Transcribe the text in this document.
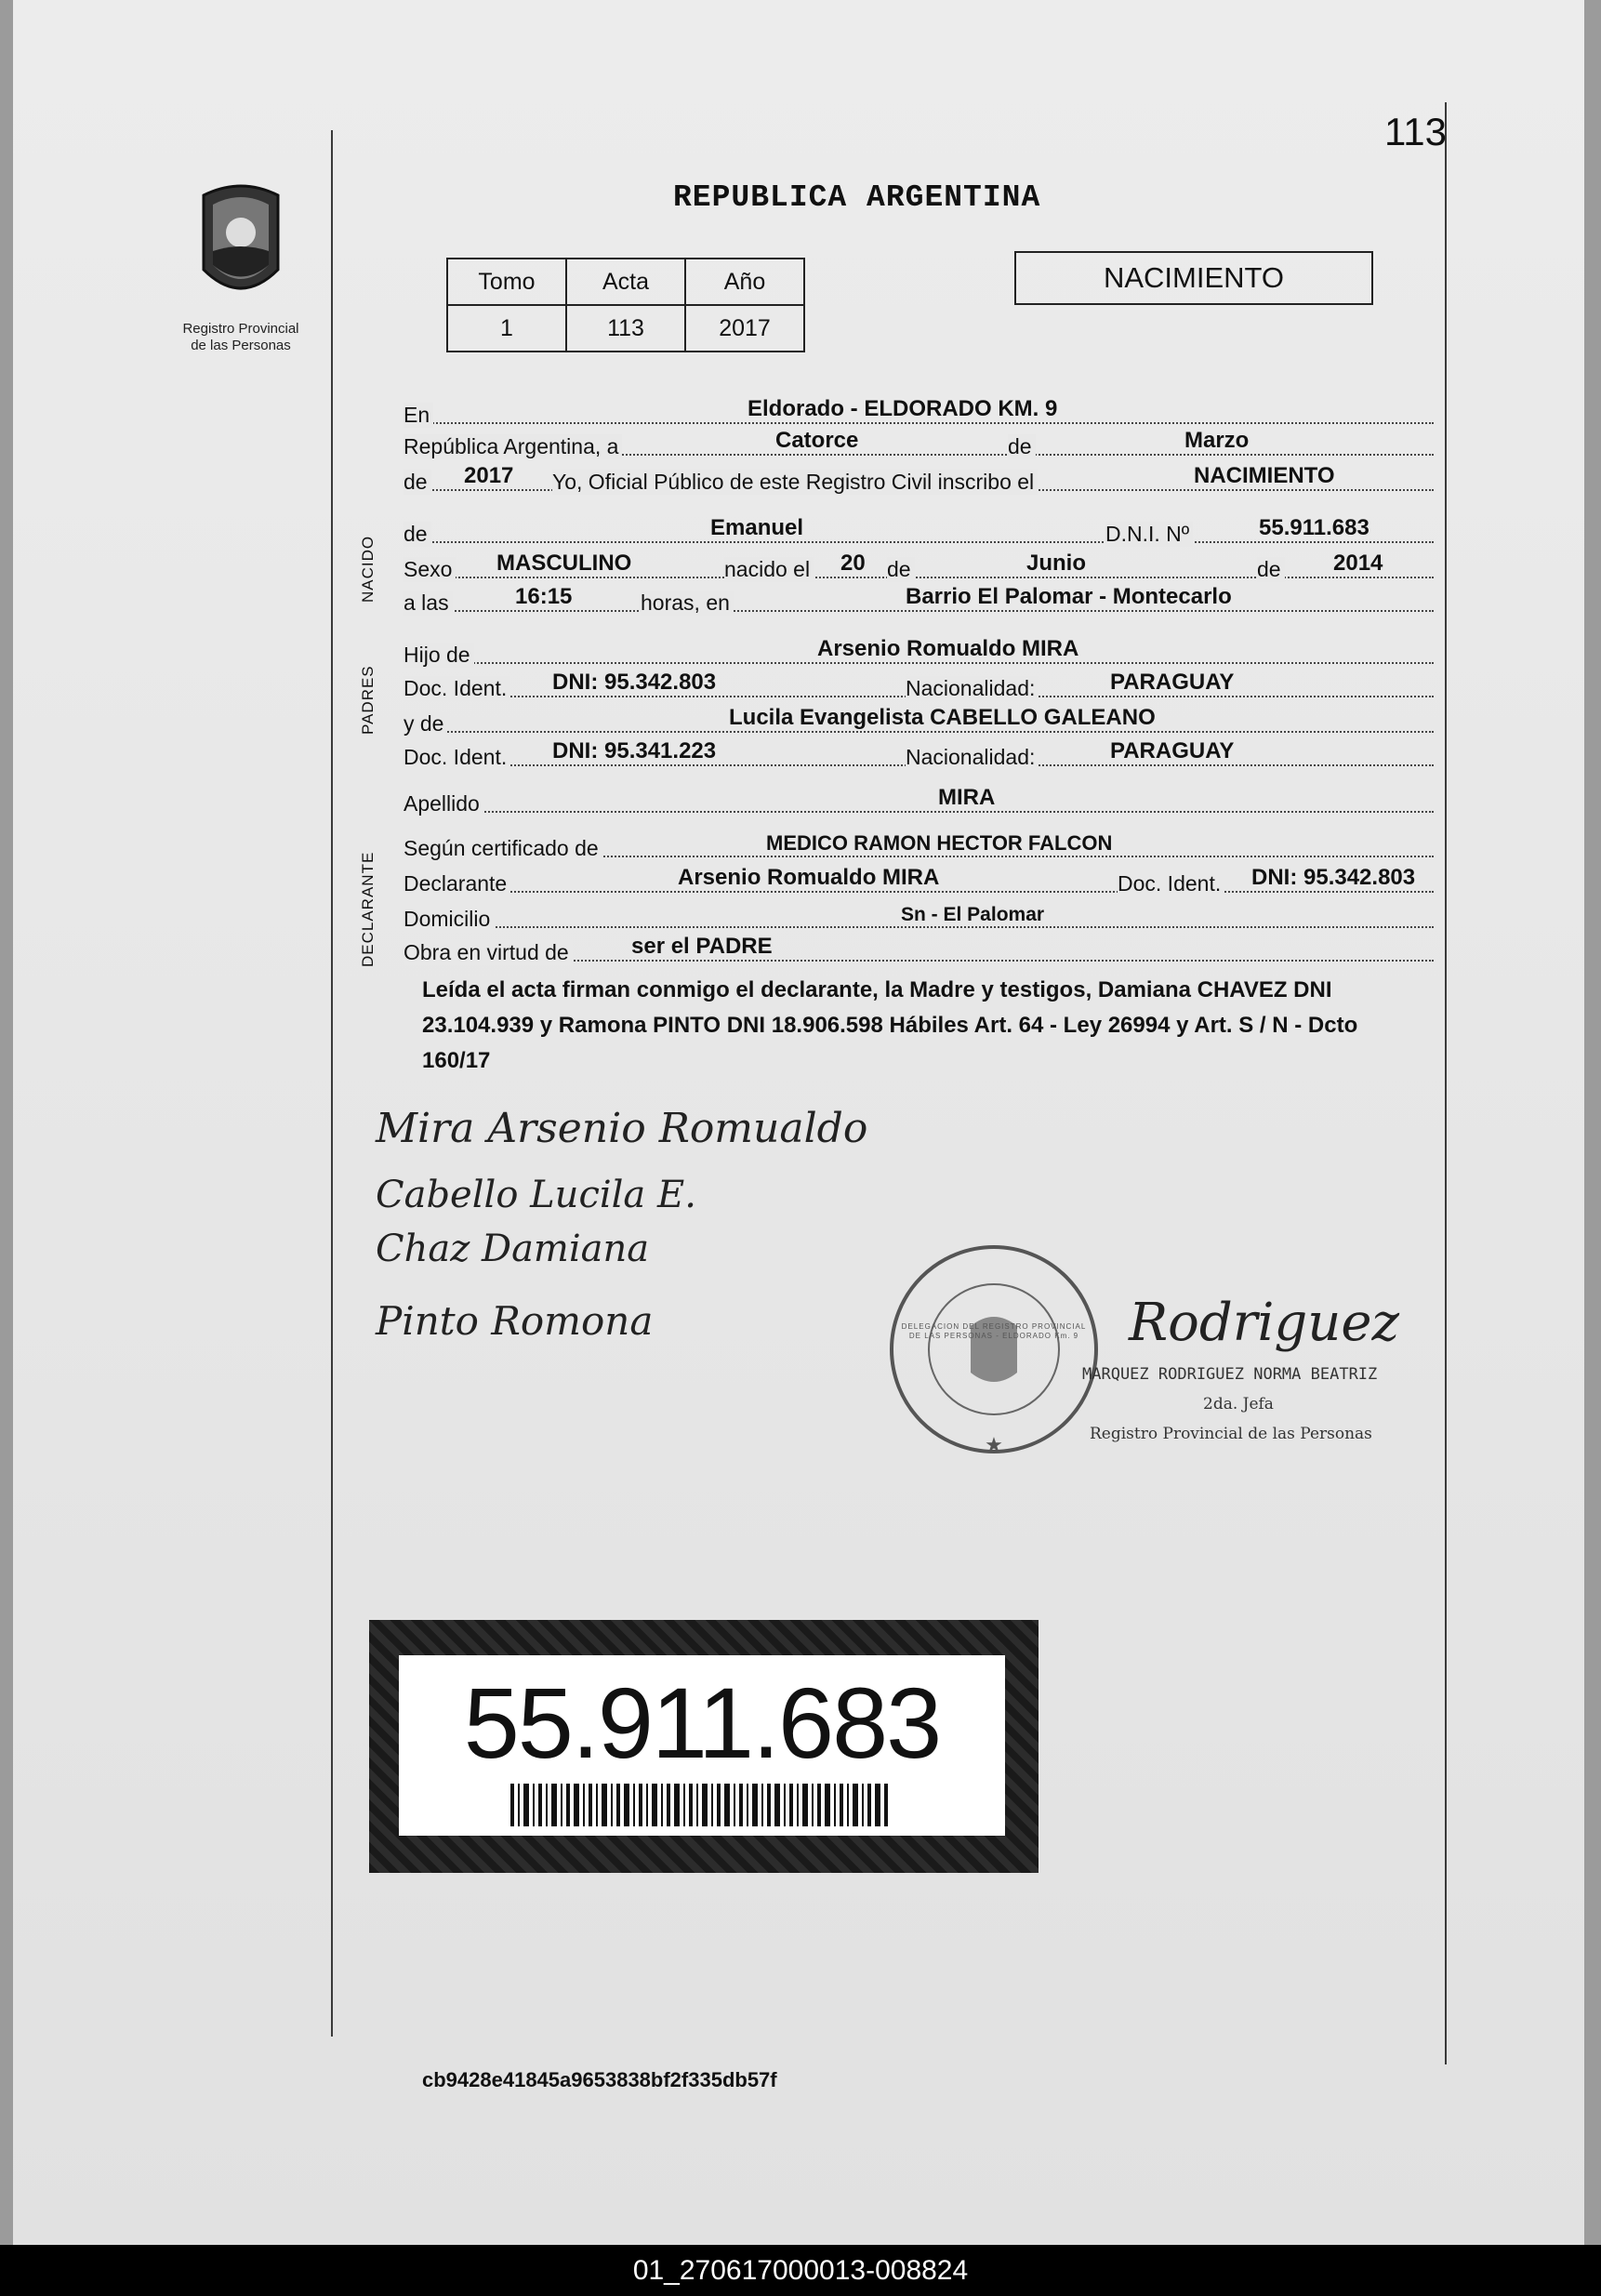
113
REPUBLICA ARGENTINA
Registro Provincial
de las Personas
Tomo	Acta	Año
1	113	2017
NACIMIENTO
En	Eldorado - ELDORADO KM. 9
República Argentina, a	Catorce	de	Marzo
de 2017 Yo, Oficial Público de este Registro Civil inscribo el	NACIMIENTO
NACIDO
de	Emanuel	D.N.I. Nº	55.911.683
Sexo MASCULINO	nacido el 20 de	Junio	de 2014
a las	16:15	horas, en	Barrio El Palomar - Montecarlo
PADRES
Hijo de	Arsenio Romualdo MIRA
Doc. Ident. DNI: 95.342.803	Nacionalidad:	PARAGUAY
y de	Lucila Evangelista CABELLO GALEANO
Doc. Ident. DNI: 95.341.223	Nacionalidad:	PARAGUAY
Apellido	MIRA
DECLARANTE
Según certificado de	MEDICO RAMON HECTOR FALCON
Declarante	Arsenio Romualdo MIRA	Doc. Ident. DNI: 95.342.803
Domicilio	Sn - El Palomar
Obra en virtud de	ser el PADRE
Leída el acta firman conmigo el declarante, la Madre y testigos, Damiana CHAVEZ DNI 23.104.939 y Ramona PINTO DNI 18.906.598 Hábiles Art. 64 - Ley 26994 y Art. S / N - Dcto 160/17
Mira Arsenio Romualdo
Cabello Lucila E.
Chaz Damiana
Pinto Romona
★
DELEGACION DEL REGISTRO PROVINCIAL DE LAS PERSONAS - ELDORADO Km. 9 Rodriguez
MARQUEZ RODRIGUEZ NORMA BEATRIZ
2da. Jefa
Registro Provincial de las Personas
55.911.683
cb9428e41845a9653838bf2f335db57f
01_270617000013-008824
